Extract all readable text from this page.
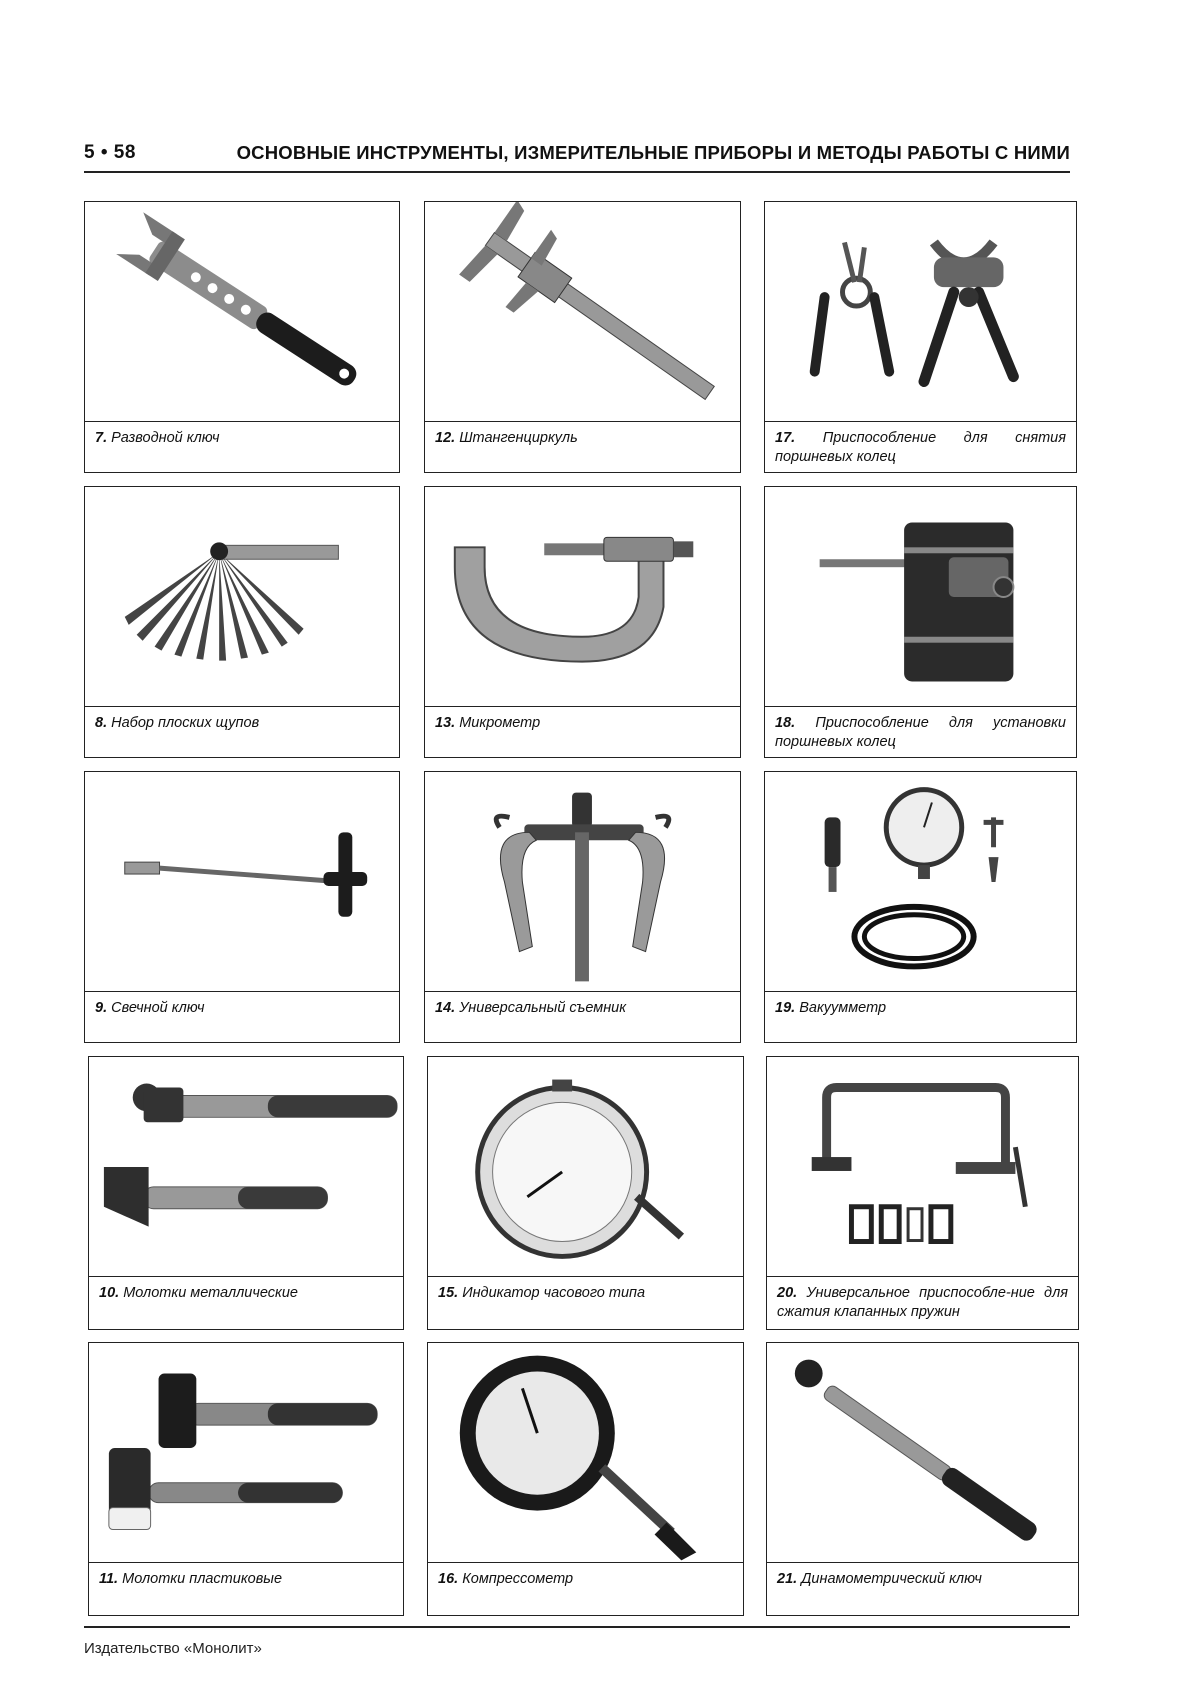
5 • 58	ОСНОВНЫЕ ИНСТРУМЕНТЫ, ИЗМЕРИТЕЛЬНЫЕ ПРИБОРЫ И МЕТОДЫ РАБОТЫ С НИМИ
7. Разводной ключ	12. Штангенциркуль	17. Приспособление для снятия поршневых колец
8. Набор плоских щупов	13. Микрометр	18. Приспособление для установки поршневых колец
9. Свечной ключ	14. Универсальный съемник	19. Вакуумметр
10. Молотки металлические	15. Индикатор часового типа	20. Универсальное приспособле-ние для сжатия клапанных пружин
11. Молотки пластиковые	16. Компрессометр	21. Динамометрический ключ
Издательство «Монолит»
